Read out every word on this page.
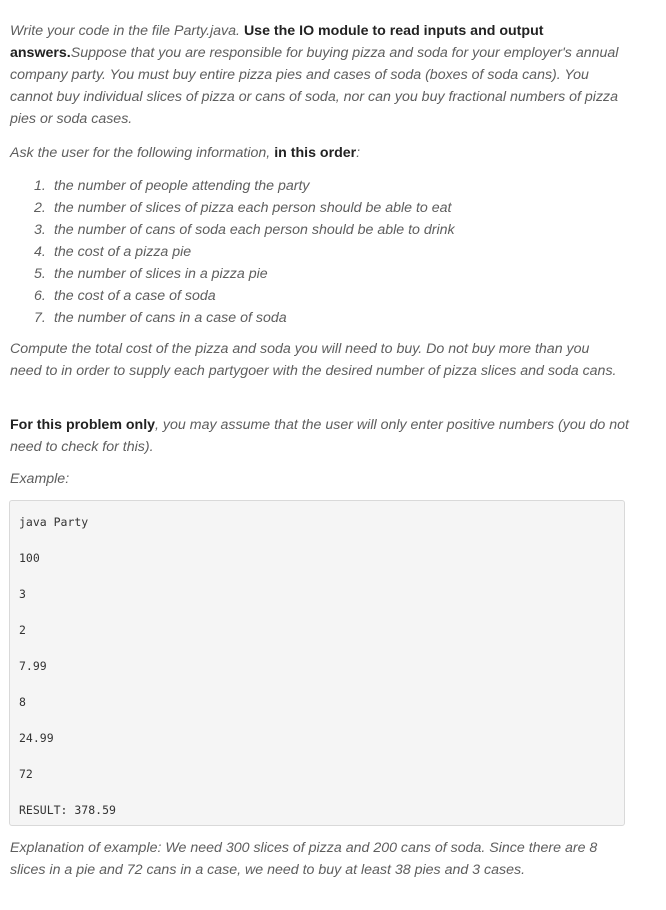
Write your code in the file Party.java. Use the IO module to read inputs and output answers.Suppose that you are responsible for buying pizza and soda for your employer's annual company party. You must buy entire pizza pies and cases of soda (boxes of soda cans). You cannot buy individual slices of pizza or cans of soda, nor can you buy fractional numbers of pizza pies or soda cases.

Ask the user for the following information, in this order:

1. the number of people attending the party
2. the number of slices of pizza each person should be able to eat
3. the number of cans of soda each person should be able to drink
4. the cost of a pizza pie
5. the number of slices in a pizza pie
6. the cost of a case of soda
7. the number of cans in a case of soda

Compute the total cost of the pizza and soda you will need to buy. Do not buy more than you need to in order to supply each partygoer with the desired number of pizza slices and soda cans.

For this problem only, you may assume that the user will only enter positive numbers (you do not need to check for this).

Example:

java Party
100
3
2
7.99
8
24.99
72
RESULT: 378.59

Explanation of example: We need 300 slices of pizza and 200 cans of soda. Since there are 8 slices in a pie and 72 cans in a case, we need to buy at least 38 pies and 3 cases.
